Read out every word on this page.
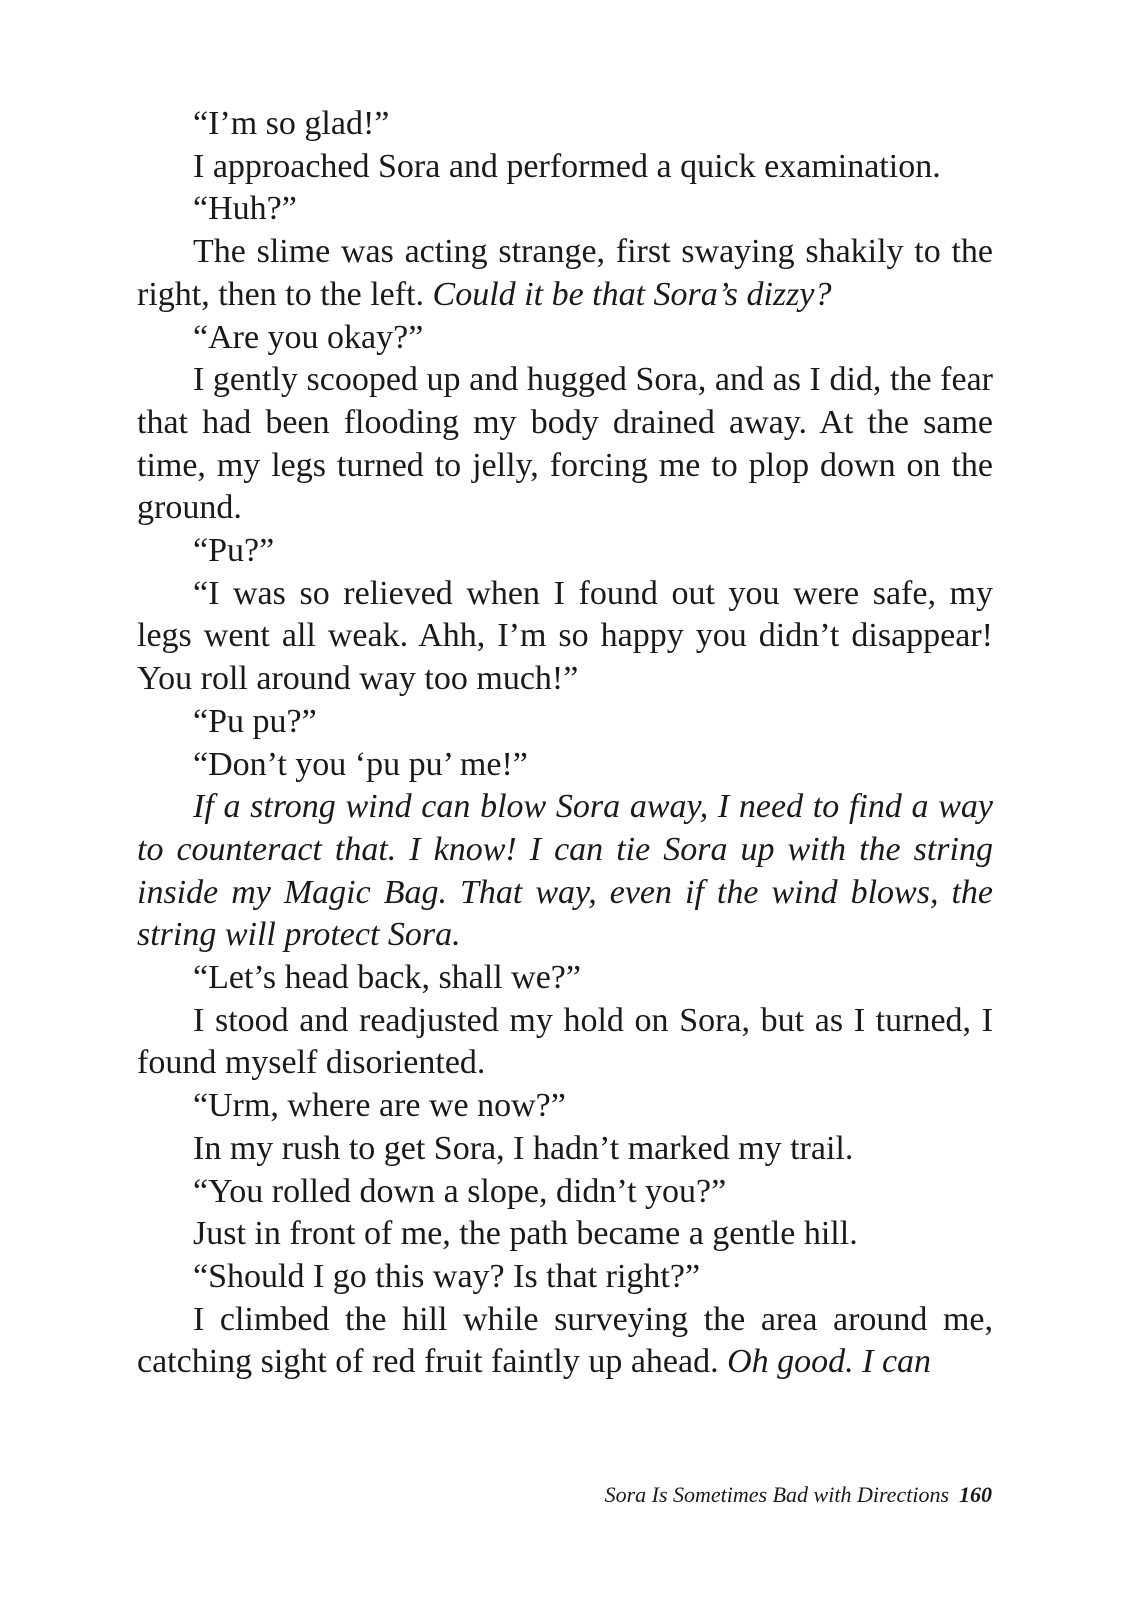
“I’m so glad!”

I approached Sora and performed a quick examination.

“Huh?”

The slime was acting strange, first swaying shakily to the right, then to the left. Could it be that Sora’s dizzy?

“Are you okay?”

I gently scooped up and hugged Sora, and as I did, the fear that had been flooding my body drained away. At the same time, my legs turned to jelly, forcing me to plop down on the ground.

“Pu?”

“I was so relieved when I found out you were safe, my legs went all weak. Ahh, I’m so happy you didn’t disappear! You roll around way too much!”

“Pu pu?”

“Don’t you ‘pu pu’ me!”

If a strong wind can blow Sora away, I need to find a way to counteract that. I know! I can tie Sora up with the string inside my Magic Bag. That way, even if the wind blows, the string will protect Sora.

“Let’s head back, shall we?”

I stood and readjusted my hold on Sora, but as I turned, I found myself disoriented.

“Urm, where are we now?”

In my rush to get Sora, I hadn’t marked my trail.

“You rolled down a slope, didn’t you?”

Just in front of me, the path became a gentle hill.

“Should I go this way? Is that right?”

I climbed the hill while surveying the area around me, catching sight of red fruit faintly up ahead. Oh good. I can

Sora Is Sometimes Bad with Directions 160
